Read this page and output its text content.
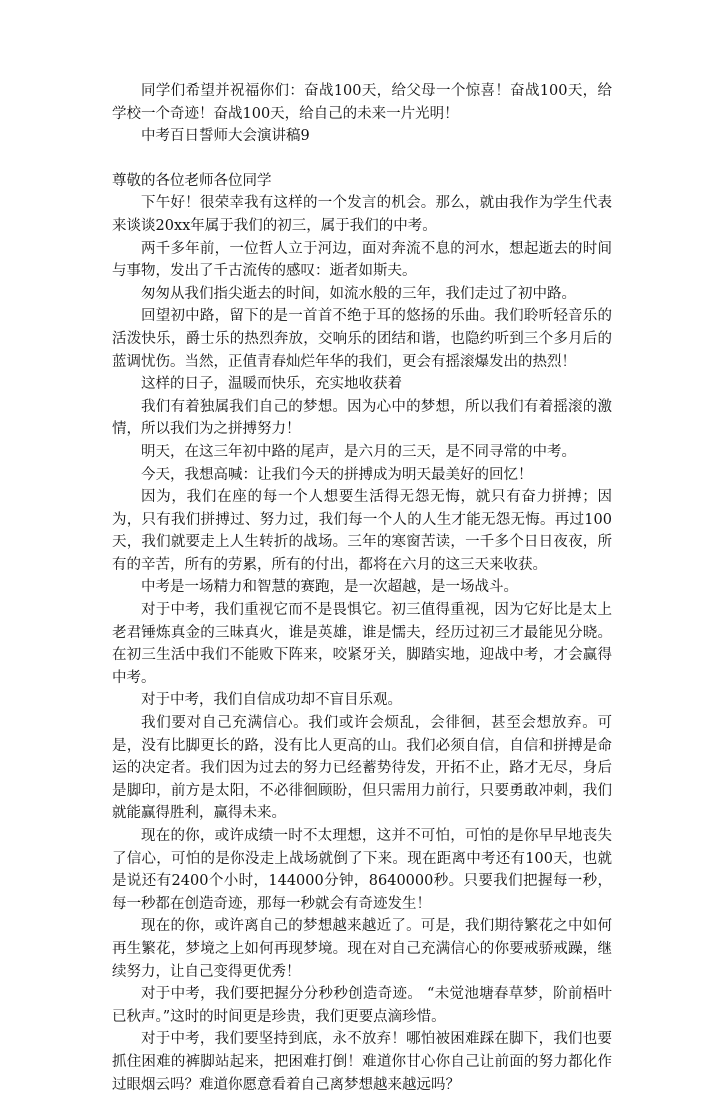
同学们希望并祝福你们：奋战100天，给父母一个惊喜！奋战100天，给学校一个奇迹！奋战100天，给自己的未来一片光明！

中考百日誓师大会演讲稿9

尊敬的各位老师各位同学

下午好！很荣幸我有这样的一个发言的机会。那么，就由我作为学生代表来谈谈20xx年属于我们的初三，属于我们的中考。

两千多年前，一位哲人立于河边，面对奔流不息的河水，想起逝去的时间与事物，发出了千古流传的感叹：逝者如斯夫。

匆匆从我们指尖逝去的时间，如流水般的三年，我们走过了初中路。

回望初中路，留下的是一首首不绝于耳的悠扬的乐曲。我们聆听轻音乐的活泼快乐，爵士乐的热烈奔放，交响乐的团结和谐，也隐约听到三个多月后的蓝调忧伤。当然，正值青春灿烂年华的我们，更会有摇滚爆发出的热烈！

这样的日子，温暖而快乐，充实地收获着

我们有着独属我们自己的梦想。因为心中的梦想，所以我们有着摇滚的激情，所以我们为之拼搏努力！

明天，在这三年初中路的尾声，是六月的三天，是不同寻常的中考。

今天，我想高喊：让我们今天的拼搏成为明天最美好的回忆！

因为，我们在座的每一个人想要生活得无怨无悔，就只有奋力拼搏；因为，只有我们拼搏过、努力过，我们每一个人的人生才能无怨无悔。再过100天，我们就要走上人生转折的战场。三年的寒窗苦读，一千多个日日夜夜，所有的辛苦，所有的劳累，所有的付出，都将在六月的这三天来收获。

中考是一场精力和智慧的赛跑，是一次超越，是一场战斗。

对于中考，我们重视它而不是畏惧它。初三值得重视，因为它好比是太上老君锤炼真金的三昧真火，谁是英雄，谁是懦夫，经历过初三才最能见分晓。在初三生活中我们不能败下阵来，咬紧牙关，脚踏实地，迎战中考，才会赢得中考。

对于中考，我们自信成功却不盲目乐观。

我们要对自己充满信心。我们或许会烦乱，会徘徊，甚至会想放弃。可是，没有比脚更长的路，没有比人更高的山。我们必须自信，自信和拼搏是命运的决定者。我们因为过去的努力已经蓄势待发，开拓不止，路才无尽，身后是脚印，前方是太阳，不必徘徊顾盼，但只需用力前行，只要勇敢冲刺，我们就能赢得胜利，赢得未来。

现在的你，或许成绩一时不太理想，这并不可怕，可怕的是你早早地丧失了信心，可怕的是你没走上战场就倒了下来。现在距离中考还有100天，也就是说还有2400个小时，144000分钟，8640000秒。只要我们把握每一秒，每一秒都在创造奇迹，那每一秒就会有奇迹发生！

现在的你，或许离自己的梦想越来越近了。可是，我们期待繁花之中如何再生繁花，梦境之上如何再现梦境。现在对自己充满信心的你要戒骄戒躁，继续努力，让自己变得更优秀！

对于中考，我们要把握分分秒秒创造奇迹。 “未觉池塘春草梦，阶前梧叶已秋声。”这时的时间更是珍贵，我们更要点滴珍惜。

对于中考，我们要坚持到底，永不放弃！哪怕被困难踩在脚下，我们也要抓住困难的裤脚站起来，把困难打倒！难道你甘心你自己让前面的努力都化作过眼烟云吗？难道你愿意看着自己离梦想越来越远吗？
